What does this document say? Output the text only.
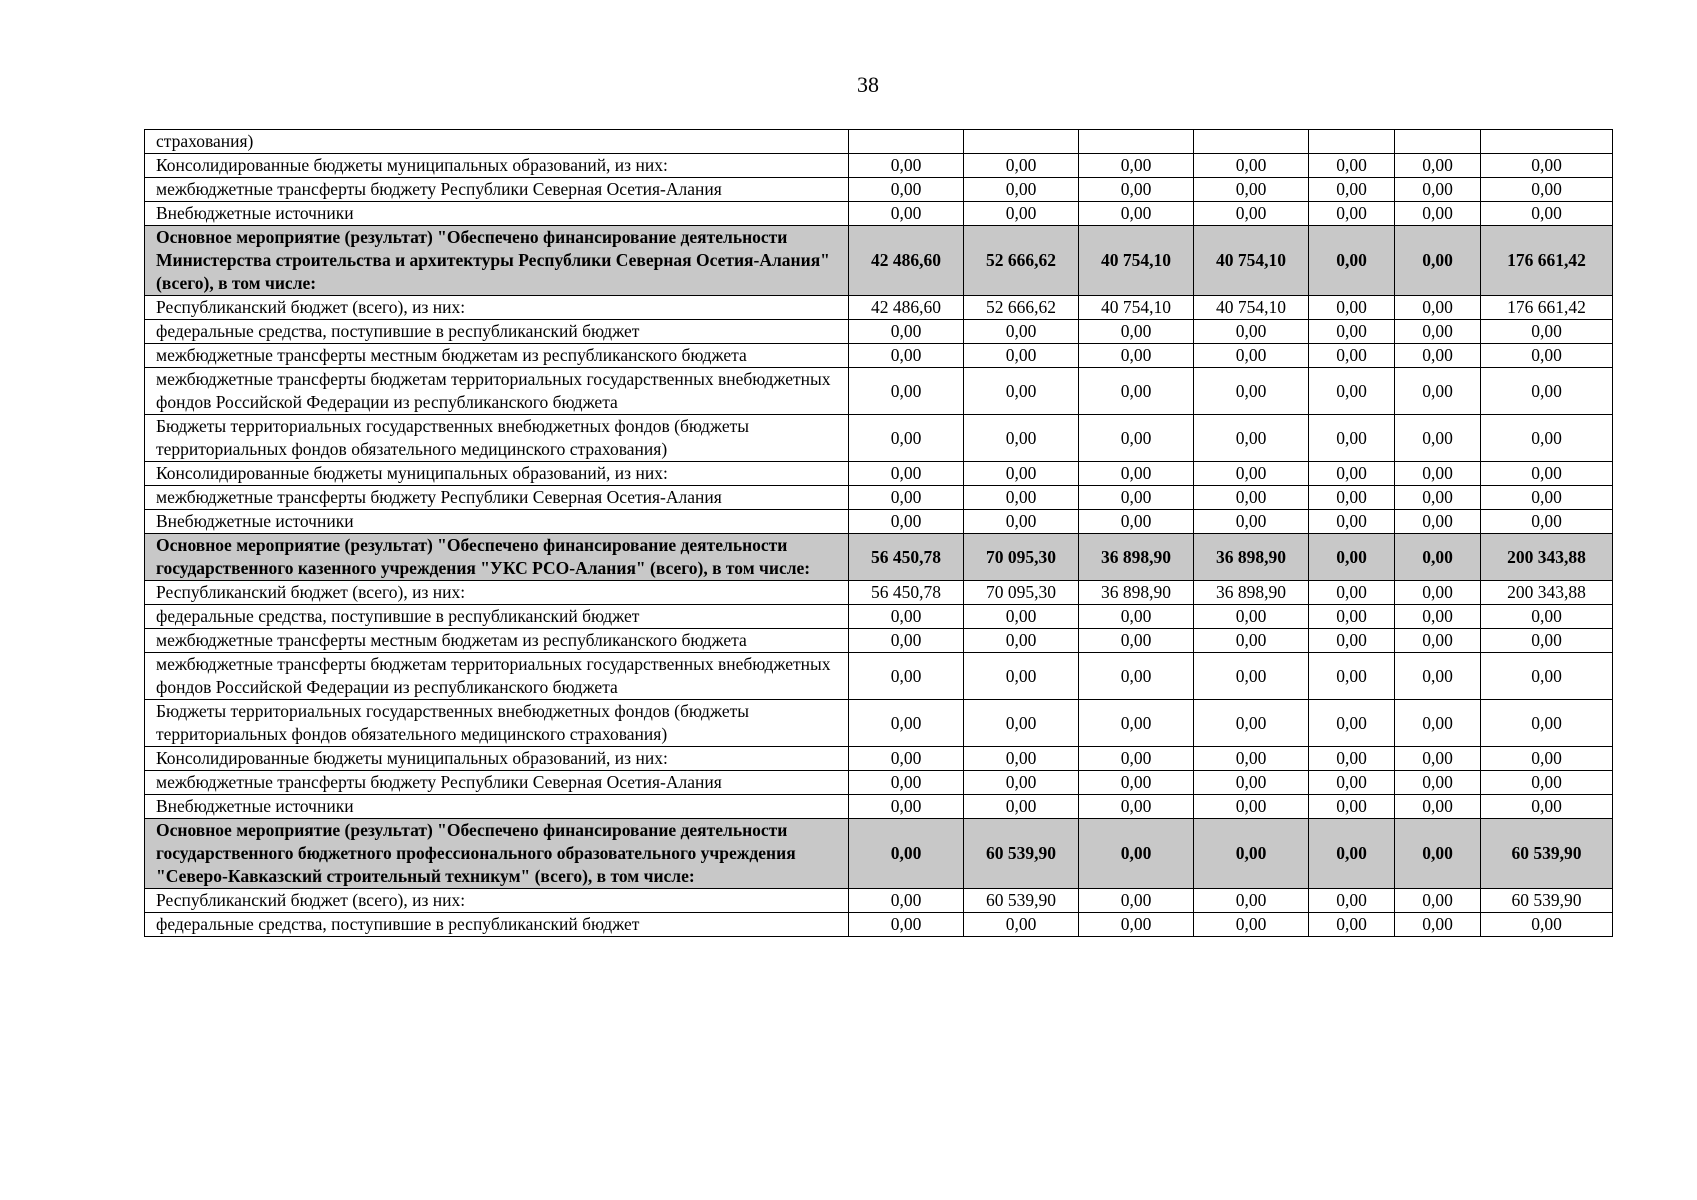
38
страхования)							
Консолидированные бюджеты муниципальных образований, из них:	0,00	0,00	0,00	0,00	0,00	0,00	0,00
межбюджетные трансферты бюджету Республики Северная Осетия-Алания	0,00	0,00	0,00	0,00	0,00	0,00	0,00
Внебюджетные источники	0,00	0,00	0,00	0,00	0,00	0,00	0,00
Основное мероприятие (результат) "Обеспечено финансирование деятельности Министерства строительства и архитектуры Республики Северная Осетия-Алания" (всего), в том числе:	42 486,60	52 666,62	40 754,10	40 754,10	0,00	0,00	176 661,42
Республиканский бюджет (всего), из них:	42 486,60	52 666,62	40 754,10	40 754,10	0,00	0,00	176 661,42
федеральные средства, поступившие в республиканский бюджет	0,00	0,00	0,00	0,00	0,00	0,00	0,00
межбюджетные трансферты местным бюджетам из республиканского бюджета	0,00	0,00	0,00	0,00	0,00	0,00	0,00
межбюджетные трансферты бюджетам территориальных государственных внебюджетных фондов Российской Федерации из республиканского бюджета	0,00	0,00	0,00	0,00	0,00	0,00	0,00
Бюджеты территориальных государственных внебюджетных фондов (бюджеты территориальных фондов обязательного медицинского страхования)	0,00	0,00	0,00	0,00	0,00	0,00	0,00
Консолидированные бюджеты муниципальных образований, из них:	0,00	0,00	0,00	0,00	0,00	0,00	0,00
межбюджетные трансферты бюджету Республики Северная Осетия-Алания	0,00	0,00	0,00	0,00	0,00	0,00	0,00
Внебюджетные источники	0,00	0,00	0,00	0,00	0,00	0,00	0,00
Основное мероприятие (результат) "Обеспечено финансирование деятельности государственного казенного учреждения "УКС РСО-Алания" (всего), в том числе:	56 450,78	70 095,30	36 898,90	36 898,90	0,00	0,00	200 343,88
Республиканский бюджет (всего), из них:	56 450,78	70 095,30	36 898,90	36 898,90	0,00	0,00	200 343,88
федеральные средства, поступившие в республиканский бюджет	0,00	0,00	0,00	0,00	0,00	0,00	0,00
межбюджетные трансферты местным бюджетам из республиканского бюджета	0,00	0,00	0,00	0,00	0,00	0,00	0,00
межбюджетные трансферты бюджетам территориальных государственных внебюджетных фондов Российской Федерации из республиканского бюджета	0,00	0,00	0,00	0,00	0,00	0,00	0,00
Бюджеты территориальных государственных внебюджетных фондов (бюджеты территориальных фондов обязательного медицинского страхования)	0,00	0,00	0,00	0,00	0,00	0,00	0,00
Консолидированные бюджеты муниципальных образований, из них:	0,00	0,00	0,00	0,00	0,00	0,00	0,00
межбюджетные трансферты бюджету Республики Северная Осетия-Алания	0,00	0,00	0,00	0,00	0,00	0,00	0,00
Внебюджетные источники	0,00	0,00	0,00	0,00	0,00	0,00	0,00
Основное мероприятие (результат) "Обеспечено финансирование деятельности государственного бюджетного профессионального образовательного учреждения "Северо-Кавказский строительный техникум" (всего), в том числе:	0,00	60 539,90	0,00	0,00	0,00	0,00	60 539,90
Республиканский бюджет (всего), из них:	0,00	60 539,90	0,00	0,00	0,00	0,00	60 539,90
федеральные средства, поступившие в республиканский бюджет	0,00	0,00	0,00	0,00	0,00	0,00	0,00
